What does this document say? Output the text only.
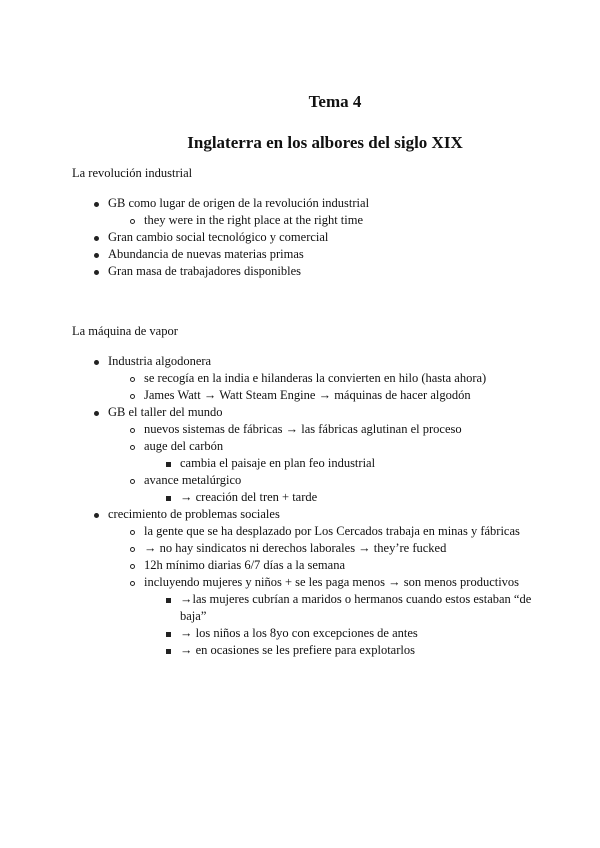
Tema 4
Inglaterra en los albores del siglo XIX
La revolución industrial
GB como lugar de origen de la revolución industrial
they were in the right place at the right time
Gran cambio social tecnológico y comercial
Abundancia de nuevas materias primas
Gran masa de trabajadores disponibles
La máquina de vapor
Industria algodonera
se recogía en la india e hilanderas la convierten en hilo (hasta ahora)
James Watt → Watt Steam Engine → máquinas de hacer algodón
GB el taller del mundo
nuevos sistemas de fábricas → las fábricas aglutinan el proceso
auge del carbón
cambia el paisaje en plan feo industrial
avance metalúrgico
→ creación del tren + tarde
crecimiento de problemas sociales
la gente que se ha desplazado por Los Cercados trabaja en minas y fábricas
→ no hay sindicatos ni derechos laborales → they’re fucked
12h mínimo diarias 6/7 días a la semana
incluyendo mujeres y niños + se les paga menos → son menos productivos
→las mujeres cubrían a maridos o hermanos cuando estos estaban “de baja”
→ los niños a los 8yo con excepciones de antes
→ en ocasiones se les prefiere para explotarlos
